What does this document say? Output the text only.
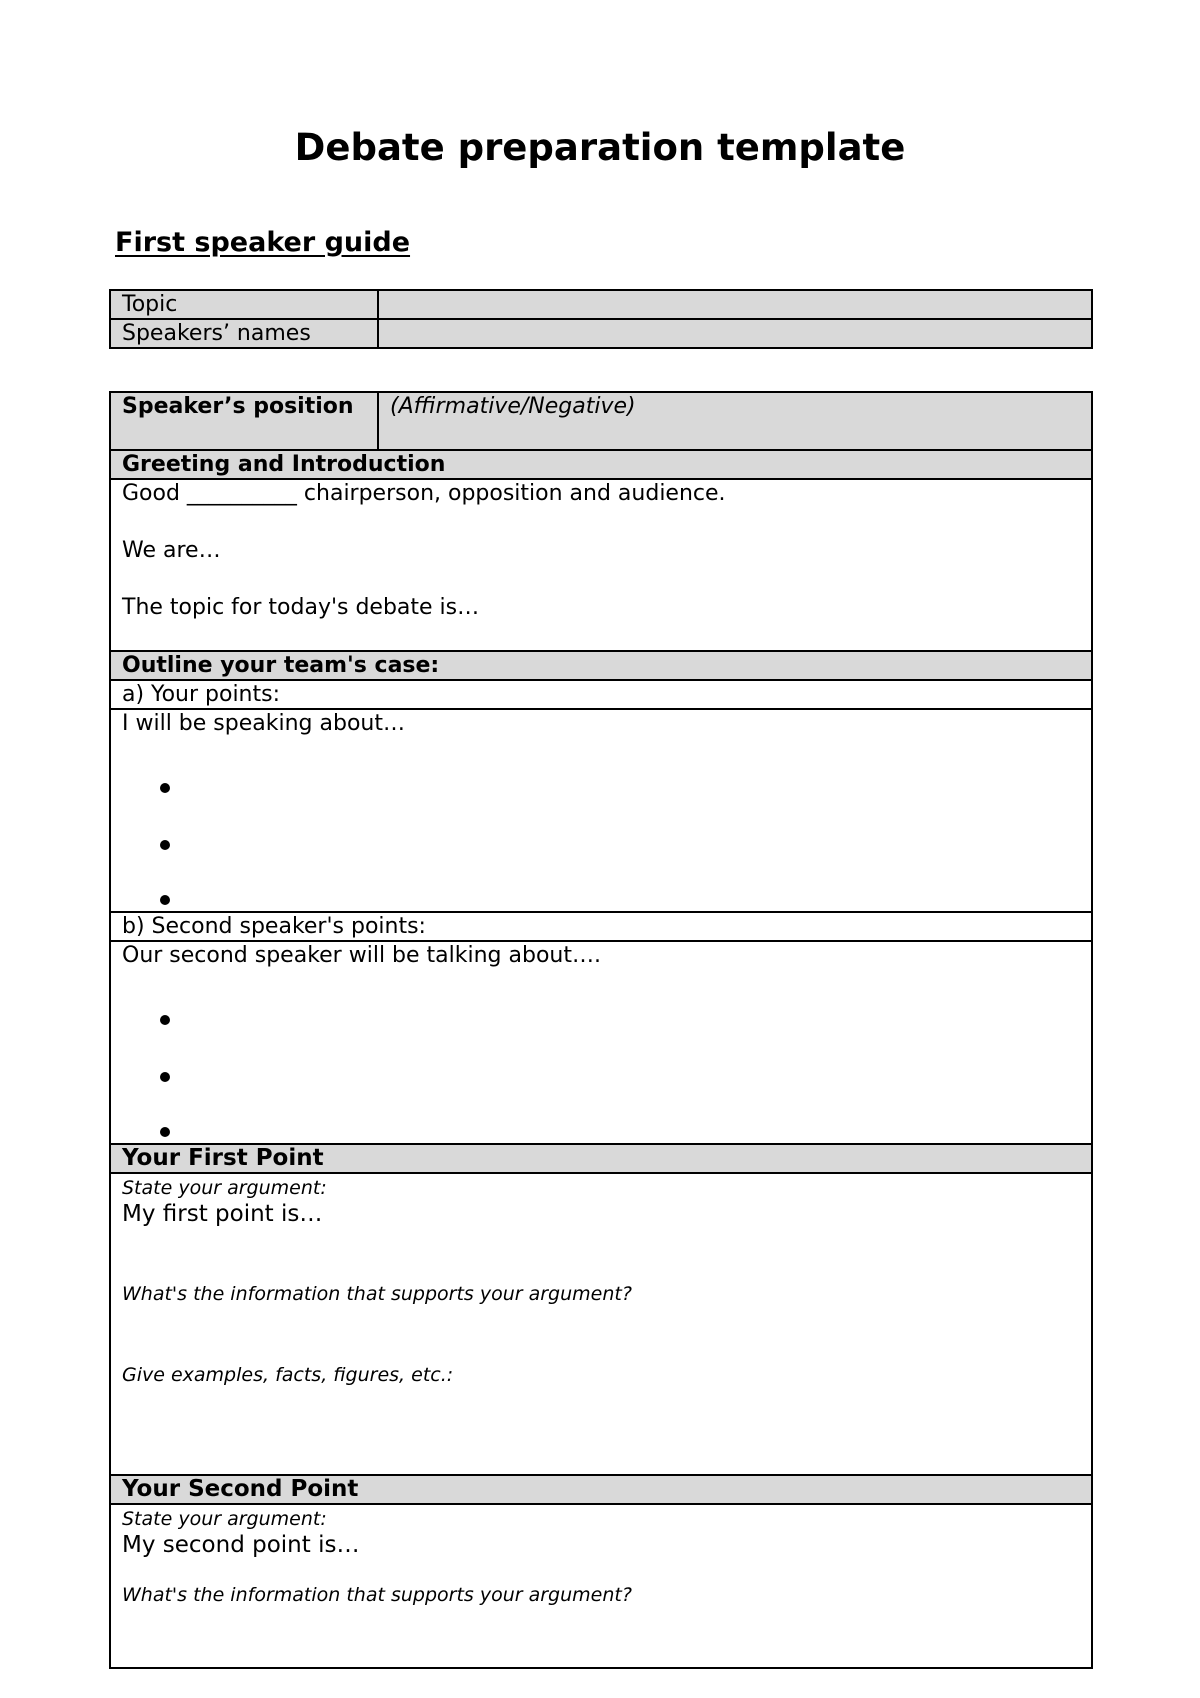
Debate preparation template
First speaker guide
Topic	
Speakers’ names	
Speaker’s position	(Affirmative/Negative)
Greeting and Introduction

Good __________ chairperson, opposition and audience.

We are…

The topic for today's debate is…

Outline your team's case:
a) Your points:

I will be speaking about…

b) Second speaker's points:

Our second speaker will be talking about….

Your First Point

State your argument:

My first point is…

What's the information that supports your argument?

Give examples, facts, figures, etc.:

Your Second Point

State your argument:

My second point is…

What's the information that supports your argument?
